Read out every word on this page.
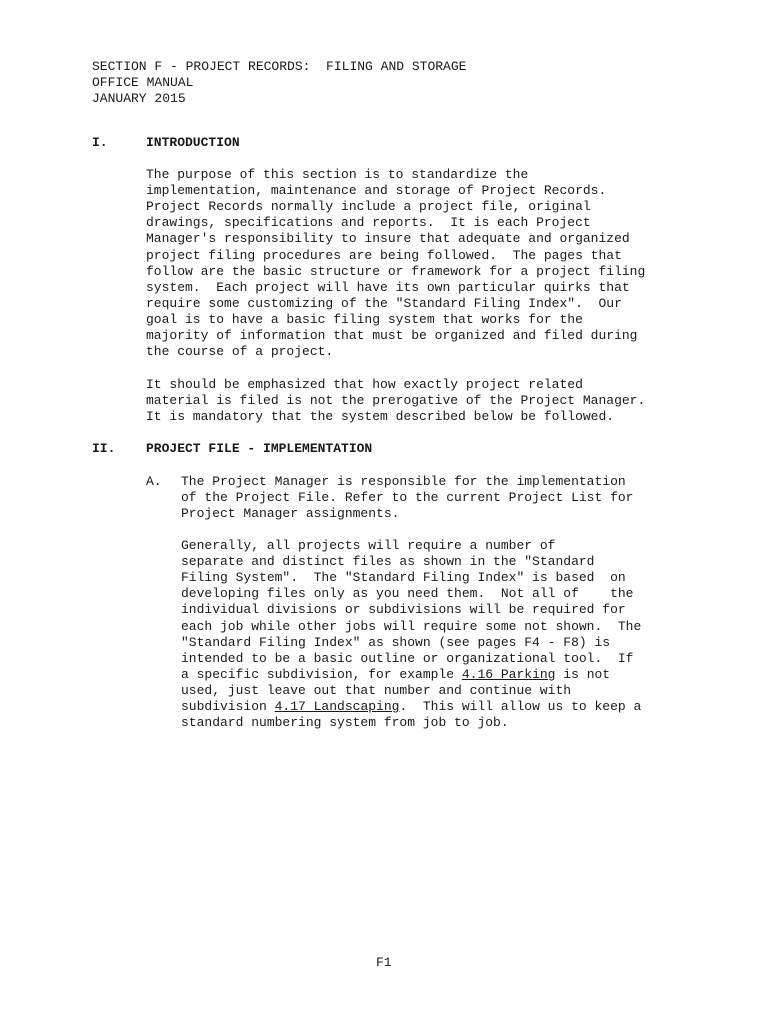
SECTION F - PROJECT RECORDS:  FILING AND STORAGE
OFFICE MANUAL
JANUARY 2015
I.	INTRODUCTION
The purpose of this section is to standardize the
implementation, maintenance and storage of Project Records.
Project Records normally include a project file, original
drawings, specifications and reports.  It is each Project
Manager's responsibility to insure that adequate and organized
project filing procedures are being followed.  The pages that
follow are the basic structure or framework for a project filing
system.  Each project will have its own particular quirks that
require some customizing of the "Standard Filing Index".  Our
goal is to have a basic filing system that works for the
majority of information that must be organized and filed during
the course of a project.
It should be emphasized that how exactly project related
material is filed is not the prerogative of the Project Manager.
It is mandatory that the system described below be followed.
II. PROJECT FILE - IMPLEMENTATION
A. The Project Manager is responsible for the implementation
of the Project File. Refer to the current Project List for
Project Manager assignments.
Generally, all projects will require a number of
separate and distinct files as shown in the "Standard
Filing System".  The "Standard Filing Index" is based  on
developing files only as you need them.  Not all of    the
individual divisions or subdivisions will be required for
each job while other jobs will require some not shown.  The
"Standard Filing Index" as shown (see pages F4 - F8) is
intended to be a basic outline or organizational tool.  If
a specific subdivision, for example 4.16 Parking is not
used, just leave out that number and continue with
subdivision 4.17 Landscaping.  This will allow us to keep a
standard numbering system from job to job.
F1
